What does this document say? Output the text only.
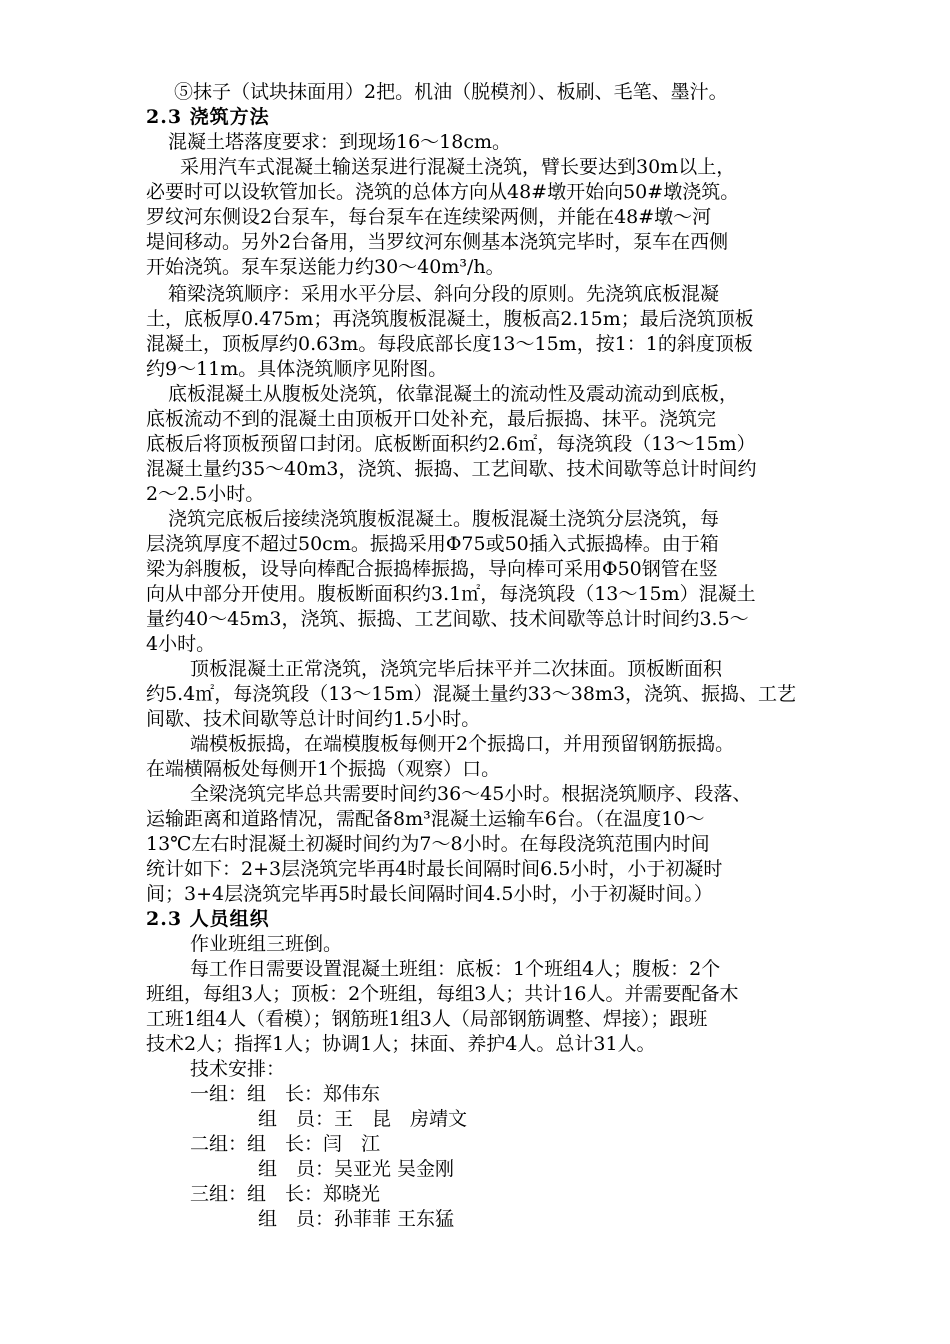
⑤抹子（试块抹面用）2把。机油（脱模剂）、板刷、毛笔、墨汁。
2.3 浇筑方法
混凝土塔落度要求：到现场16～18cm。
采用汽车式混凝土输送泵进行混凝土浇筑，臂长要达到30m以上，
必要时可以设软管加长。浇筑的总体方向从48#墩开始向50#墩浇筑。
罗纹河东侧设2台泵车，每台泵车在连续梁两侧，并能在48#墩～河
堤间移动。另外2台备用，当罗纹河东侧基本浇筑完毕时，泵车在西侧
开始浇筑。泵车泵送能力约30～40m³/h。
箱梁浇筑顺序：采用水平分层、斜向分段的原则。先浇筑底板混凝
土，底板厚0.475m；再浇筑腹板混凝土，腹板高2.15m；最后浇筑顶板
混凝土，顶板厚约0.63m。每段底部长度13～15m，按1：1的斜度顶板
约9～11m。具体浇筑顺序见附图。
底板混凝土从腹板处浇筑，依靠混凝土的流动性及震动流动到底板，
底板流动不到的混凝土由顶板开口处补充，最后振捣、抹平。浇筑完
底板后将顶板预留口封闭。底板断面积约2.6㎡，每浇筑段（13～15m）
混凝土量约35～40m3，浇筑、振捣、工艺间歇、技术间歇等总计时间约
2～2.5小时。
浇筑完底板后接续浇筑腹板混凝土。腹板混凝土浇筑分层浇筑，每
层浇筑厚度不超过50cm。振捣采用Φ75或50插入式振捣棒。由于箱
梁为斜腹板，设导向棒配合振捣棒振捣，导向棒可采用Φ50钢管在竖
向从中部分开使用。腹板断面积约3.1㎡，每浇筑段（13～15m）混凝土
量约40～45m3，浇筑、振捣、工艺间歇、技术间歇等总计时间约3.5～
4小时。
顶板混凝土正常浇筑，浇筑完毕后抹平并二次抹面。顶板断面积
约5.4㎡，每浇筑段（13～15m）混凝土量约33～38m3，浇筑、振捣、工艺
间歇、技术间歇等总计时间约1.5小时。
端模板振捣，在端模腹板每侧开2个振捣口，并用预留钢筋振捣。
在端横隔板处每侧开1个振捣（观察）口。
全梁浇筑完毕总共需要时间约36～45小时。根据浇筑顺序、段落、
运输距离和道路情况，需配备8m³混凝土运输车6台。（在温度10～
13℃左右时混凝土初凝时间约为7～8小时。在每段浇筑范围内时间
统计如下：2+3层浇筑完毕再4时最长间隔时间6.5小时，小于初凝时
间；3+4层浇筑完毕再5时最长间隔时间4.5小时，小于初凝时间。）
2.3 人员组织
作业班组三班倒。
每工作日需要设置混凝土班组：底板：1个班组4人；腹板：2个
班组，每组3人；顶板：2个班组，每组3人；共计16人。并需要配备木
工班1组4人（看模）；钢筋班1组3人（局部钢筋调整、焊接）；跟班
技术2人；指挥1人；协调1人；抹面、养护4人。总计31人。
技术安排：
一组：组　长：郑伟东
组　员：王　昆　房靖文
二组：组　长：闫　江
组　员：吴亚光 吴金刚
三组：组　长：郑晓光
组　员：孙菲菲 王东猛
